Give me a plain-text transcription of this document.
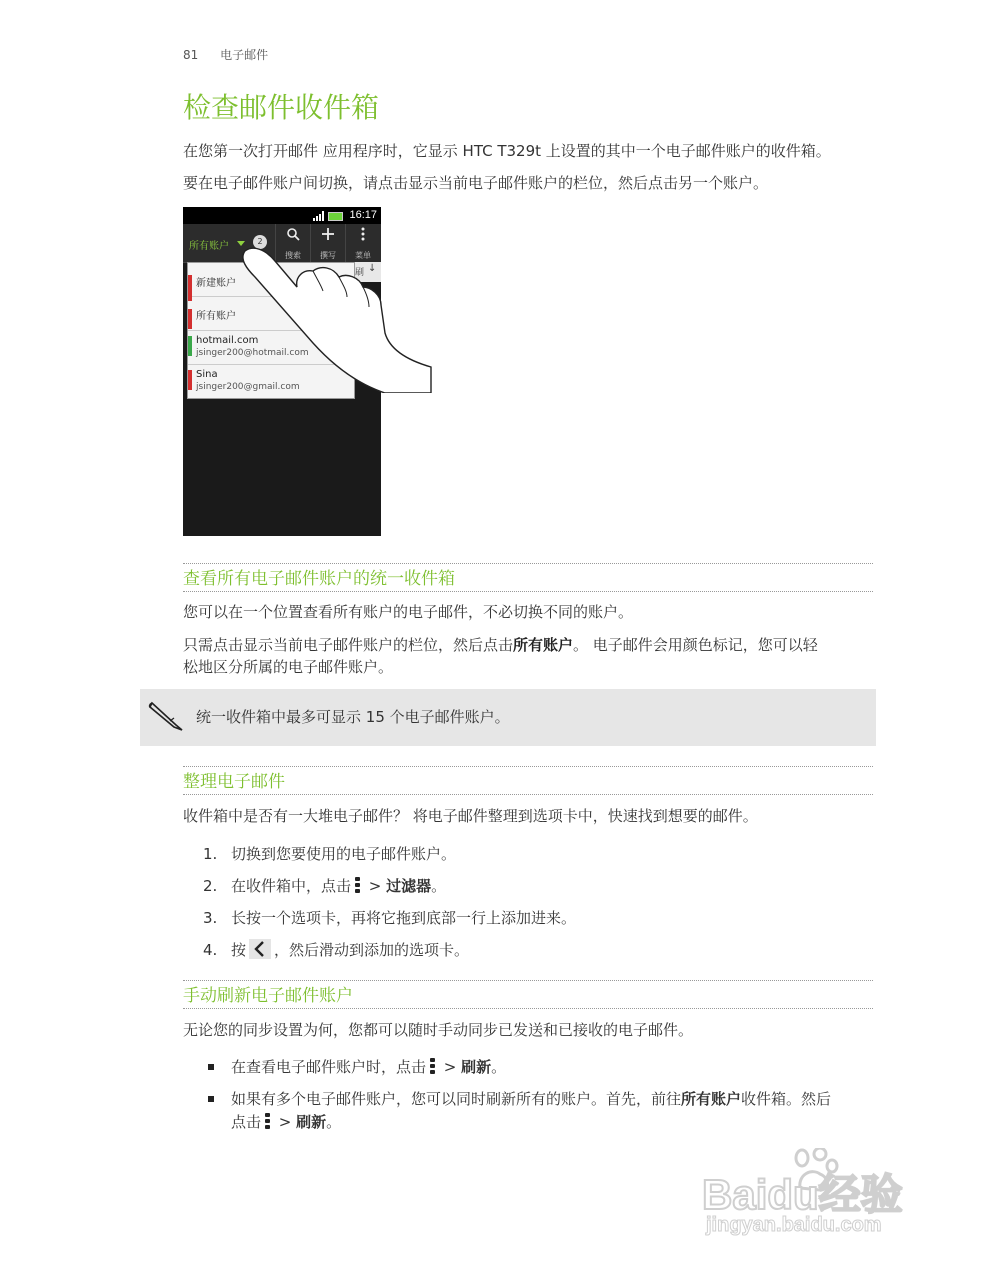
81 电子邮件
检查邮件收件箱

在您第一次打开邮件 应用程序时，它显示 HTC T329t 上设置的其中一个电子邮件账户的收件箱。

要在电子邮件账户间切换，请点击显示当前电子邮件账户的栏位，然后点击另一个账户。

16:17
所有账户	2
搜索	撰写	菜单
刷 ↓
新建账户
所有账户
hotmail.com
jsinger200@hotmail.com
Sina
jsinger200@gmail.com
查看所有电子邮件账户的统一收件箱

您可以在一个位置查看所有账户的电子邮件，不必切换不同的账户。

只需点击显示当前电子邮件账户的栏位，然后点击所有账户。 电子邮件会用颜色标记，您可以轻
松地区分所属的电子邮件账户。

统一收件箱中最多可显示 15 个电子邮件账户。
整理电子邮件

收件箱中是否有一大堆电子邮件？ 将电子邮件整理到选项卡中，快速找到想要的邮件。

1. 切换到您要使用的电子邮件账户。
2. 在收件箱中，点击
> 过滤器。
3. 长按一个选项卡，再将它拖到底部一行上添加进来。
4. 按 ，然后滑动到添加的选项卡。
手动刷新电子邮件账户

无论您的同步设置为何，您都可以随时手动同步已发送和已接收的电子邮件。

在查看电子邮件账户时，点击
> 刷新。
如果有多个电子邮件账户，您可以同时刷新所有的账户。首先，前往所有账户收件箱。然后
点击
> 刷新。
Baidu经验
jingyan.baidu.com
